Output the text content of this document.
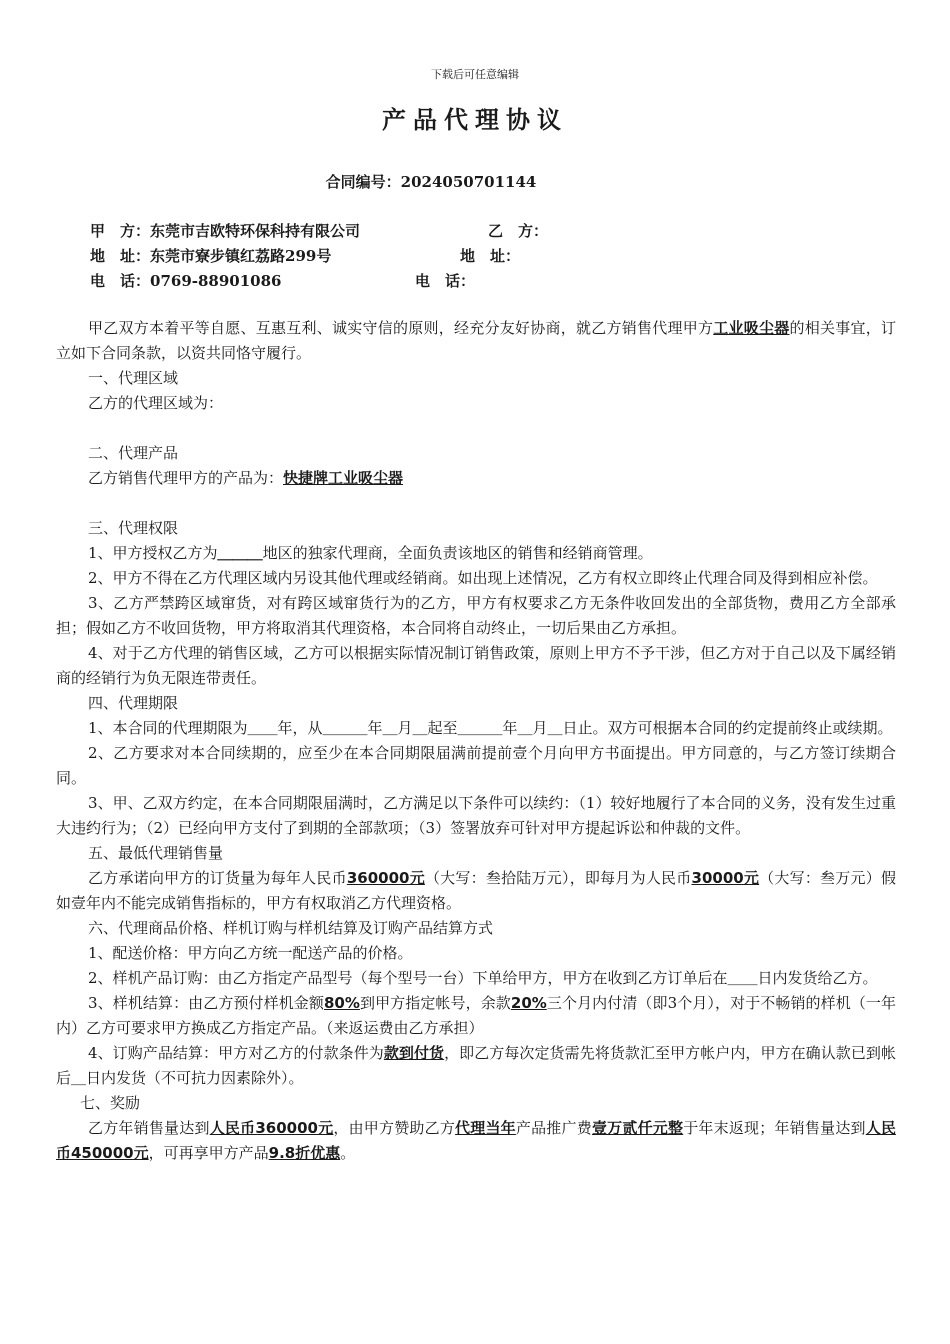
下载后可任意编辑
产品代理协议
合同编号：2024050701144
甲　方：东莞市吉欧特环保科持有限公司	乙　方：
地　址：东莞市寮步镇红荔路299号	地　址：
电　话：0769-88901086	电　话：

甲乙双方本着平等自愿、互惠互利、诚实守信的原则，经充分友好协商，就乙方销售代理甲方工业吸尘器的相关事宜，订立如下合同条款，以资共同恪守履行。

一、代理区域

乙方的代理区域为：

二、代理产品

乙方销售代理甲方的产品为：快捷牌工业吸尘器

三、代理权限

1、甲方授权乙方为＿＿＿地区的独家代理商，全面负责该地区的销售和经销商管理。

2、甲方不得在乙方代理区域内另设其他代理或经销商。如出现上述情况，乙方有权立即终止代理合同及得到相应补偿。

3、乙方严禁跨区域窜货，对有跨区域窜货行为的乙方，甲方有权要求乙方无条件收回发出的全部货物，费用乙方全部承担；假如乙方不收回货物，甲方将取消其代理资格，本合同将自动终止，一切后果由乙方承担。

4、对于乙方代理的销售区域，乙方可以根据实际情况制订销售政策，原则上甲方不予干涉，但乙方对于自己以及下属经销商的经销行为负无限连带责任。

四、代理期限

1、本合同的代理期限为＿＿年，从＿＿＿年＿月＿起至＿＿＿年＿月＿日止。双方可根据本合同的约定提前终止或续期。

2、乙方要求对本合同续期的，应至少在本合同期限届满前提前壹个月向甲方书面提出。甲方同意的，与乙方签订续期合同。

3、甲、乙双方约定，在本合同期限届满时，乙方满足以下条件可以续约：（1）较好地履行了本合同的义务，没有发生过重大违约行为；（2）已经向甲方支付了到期的全部款项；（3）签署放弃可针对甲方提起诉讼和仲裁的文件。

五、最低代理销售量

乙方承诺向甲方的订货量为每年人民币360000元（大写：叁拾陆万元），即每月为人民币30000元（大写：叁万元）假如壹年内不能完成销售指标的，甲方有权取消乙方代理资格。

六、代理商品价格、样机订购与样机结算及订购产品结算方式

1、配送价格：甲方向乙方统一配送产品的价格。

2、样机产品订购：由乙方指定产品型号（每个型号一台）下单给甲方，甲方在收到乙方订单后在＿＿日内发货给乙方。

3、样机结算：由乙方预付样机金额80%到甲方指定帐号，余款20%三个月内付清（即3个月），对于不畅销的样机（一年内）乙方可要求甲方换成乙方指定产品。（来返运费由乙方承担）

4、订购产品结算：甲方对乙方的付款条件为款到付货，即乙方每次定货需先将货款汇至甲方帐户内，甲方在确认款已到帐后＿日内发货（不可抗力因素除外）。

七、奖励

乙方年销售量达到人民币360000元，由甲方赞助乙方代理当年产品推广费壹万贰仟元整于年末返现；年销售量达到人民币450000元，可再享甲方产品9.8折优惠。
